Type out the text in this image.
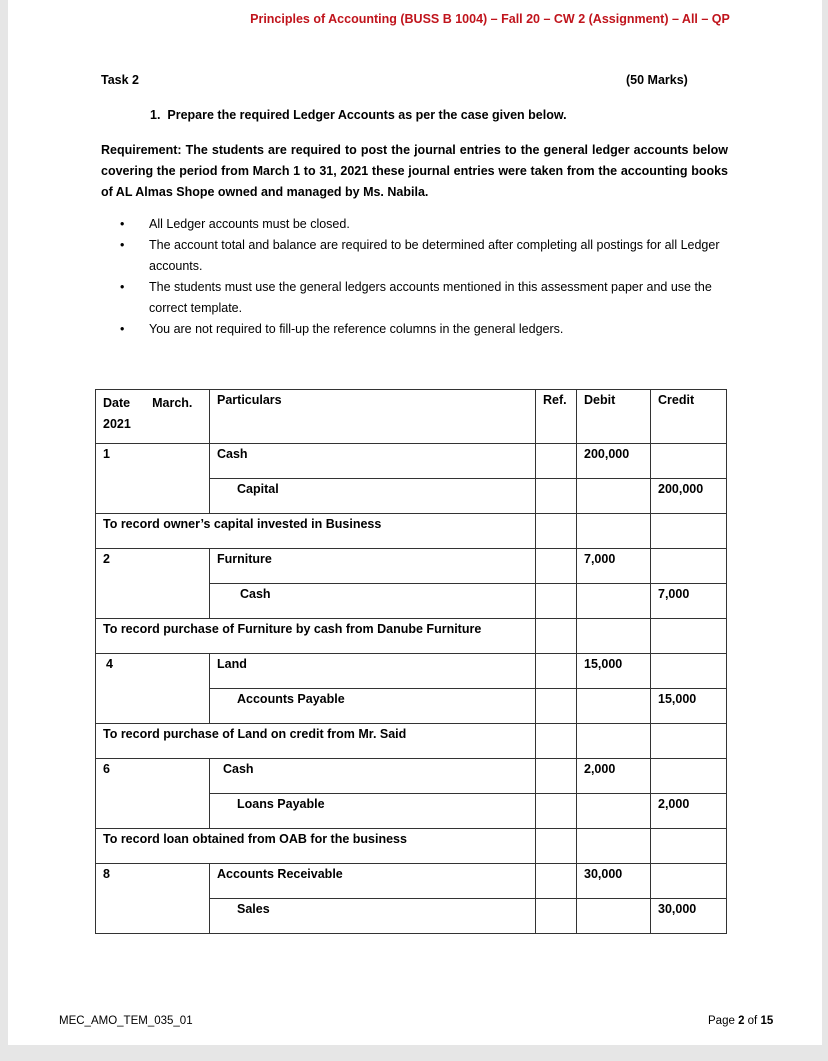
Principles of Accounting (BUSS B 1004) – Fall 20 – CW 2 (Assignment) – All – QP
Task 2	(50 Marks)
1. Prepare the required Ledger Accounts as per the case given below.
Requirement: The students are required to post the journal entries to the general ledger accounts below covering the period from March 1 to 31, 2021 these journal entries were taken from the accounting books of AL Almas Shope owned and managed by Ms. Nabila.
• All Ledger accounts must be closed.
• The account total and balance are required to be determined after completing all postings for all Ledger accounts.
• The students must use the general ledgers accounts mentioned in this assessment paper and use the correct template.
• You are not required to fill-up the reference columns in the general ledgers.
Date March.
2021	Particulars	Ref.	Debit	Credit

1	Cash		200,000	

	Capital			200,000

To record owner’s capital invested in Business				

2	Furniture		7,000	

	Cash			7,000

To record purchase of Furniture by cash from Danube Furniture				

4	Land		15,000	

	Accounts Payable			15,000

To record purchase of Land on credit from Mr. Said				

6	Cash		2,000	

	Loans Payable			2,000

To record loan obtained from OAB for the business				

8	Accounts Receivable		30,000	

	Sales			30,000
MEC_AMO_TEM_035_01	Page 2 of 15
